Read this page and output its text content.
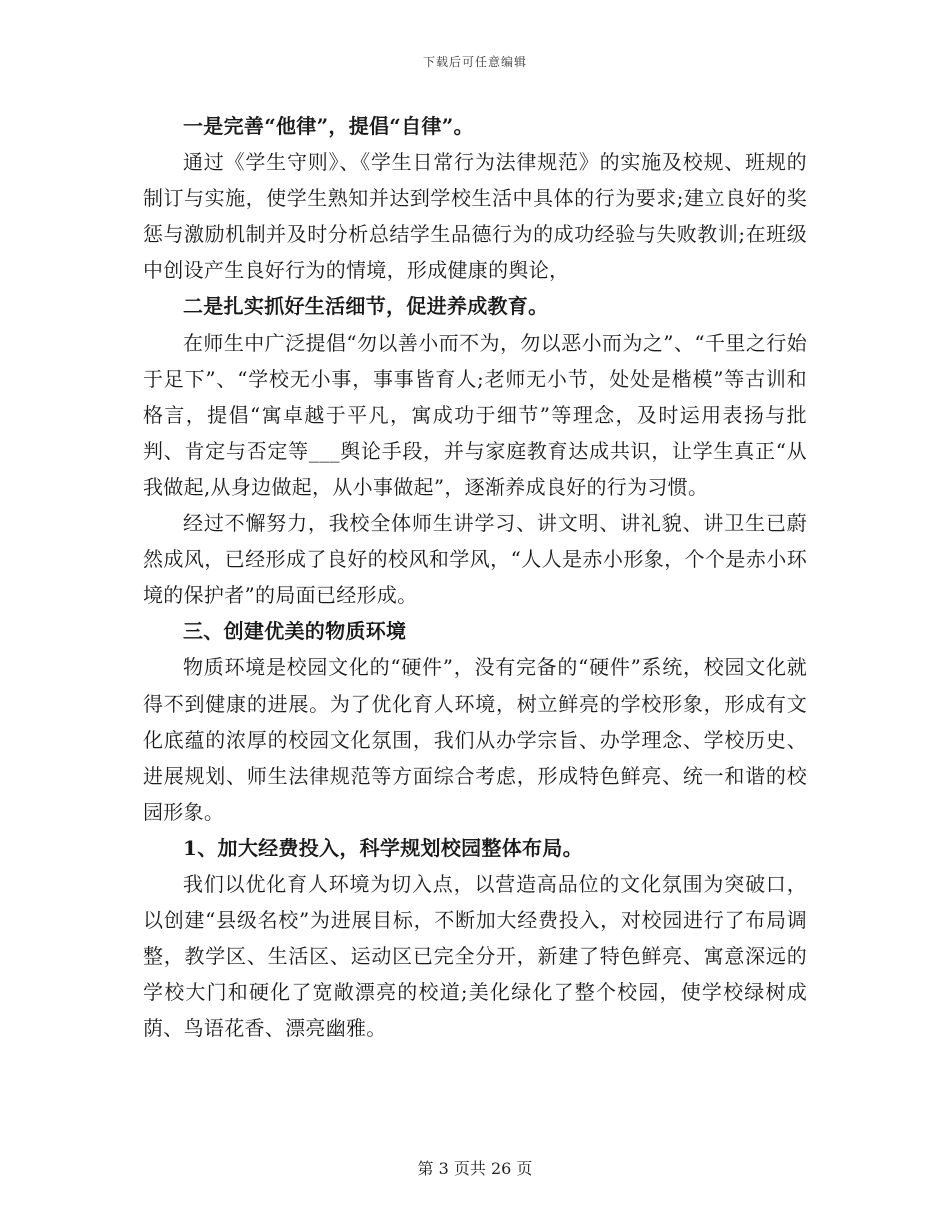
下载后可任意编辑

一是完善“他律”，提倡“自律”。

通过《学生守则》、《学生日常行为法律规范》的实施及校规、班规的制订与实施，使学生熟知并达到学校生活中具体的行为要求;建立良好的奖惩与激励机制并及时分析总结学生品德行为的成功经验与失败教训;在班级中创设产生良好行为的情境，形成健康的舆论，

二是扎实抓好生活细节，促进养成教育。

在师生中广泛提倡“勿以善小而不为，勿以恶小而为之”、“千里之行始于足下”、“学校无小事，事事皆育人;老师无小节，处处是楷模”等古训和格言，提倡“寓卓越于平凡，寓成功于细节”等理念，及时运用表扬与批判、肯定与否定等___舆论手段，并与家庭教育达成共识，让学生真正“从我做起,从身边做起，从小事做起”，逐渐养成良好的行为习惯。

经过不懈努力，我校全体师生讲学习、讲文明、讲礼貌、讲卫生已蔚然成风，已经形成了良好的校风和学风，“人人是赤小形象，个个是赤小环境的保护者”的局面已经形成。

三、创建优美的物质环境

物质环境是校园文化的“硬件”，没有完备的“硬件”系统，校园文化就得不到健康的进展。为了优化育人环境，树立鲜亮的学校形象，形成有文化底蕴的浓厚的校园文化氛围，我们从办学宗旨、办学理念、学校历史、进展规划、师生法律规范等方面综合考虑，形成特色鲜亮、统一和谐的校园形象。

1、加大经费投入，科学规划校园整体布局。

我们以优化育人环境为切入点，以营造高品位的文化氛围为突破口，以创建“县级名校”为进展目标，不断加大经费投入，对校园进行了布局调整，教学区、生活区、运动区已完全分开，新建了特色鲜亮、寓意深远的学校大门和硬化了宽敞漂亮的校道;美化绿化了整个校园，使学校绿树成荫、鸟语花香、漂亮幽雅。

第 3 页共 26 页
